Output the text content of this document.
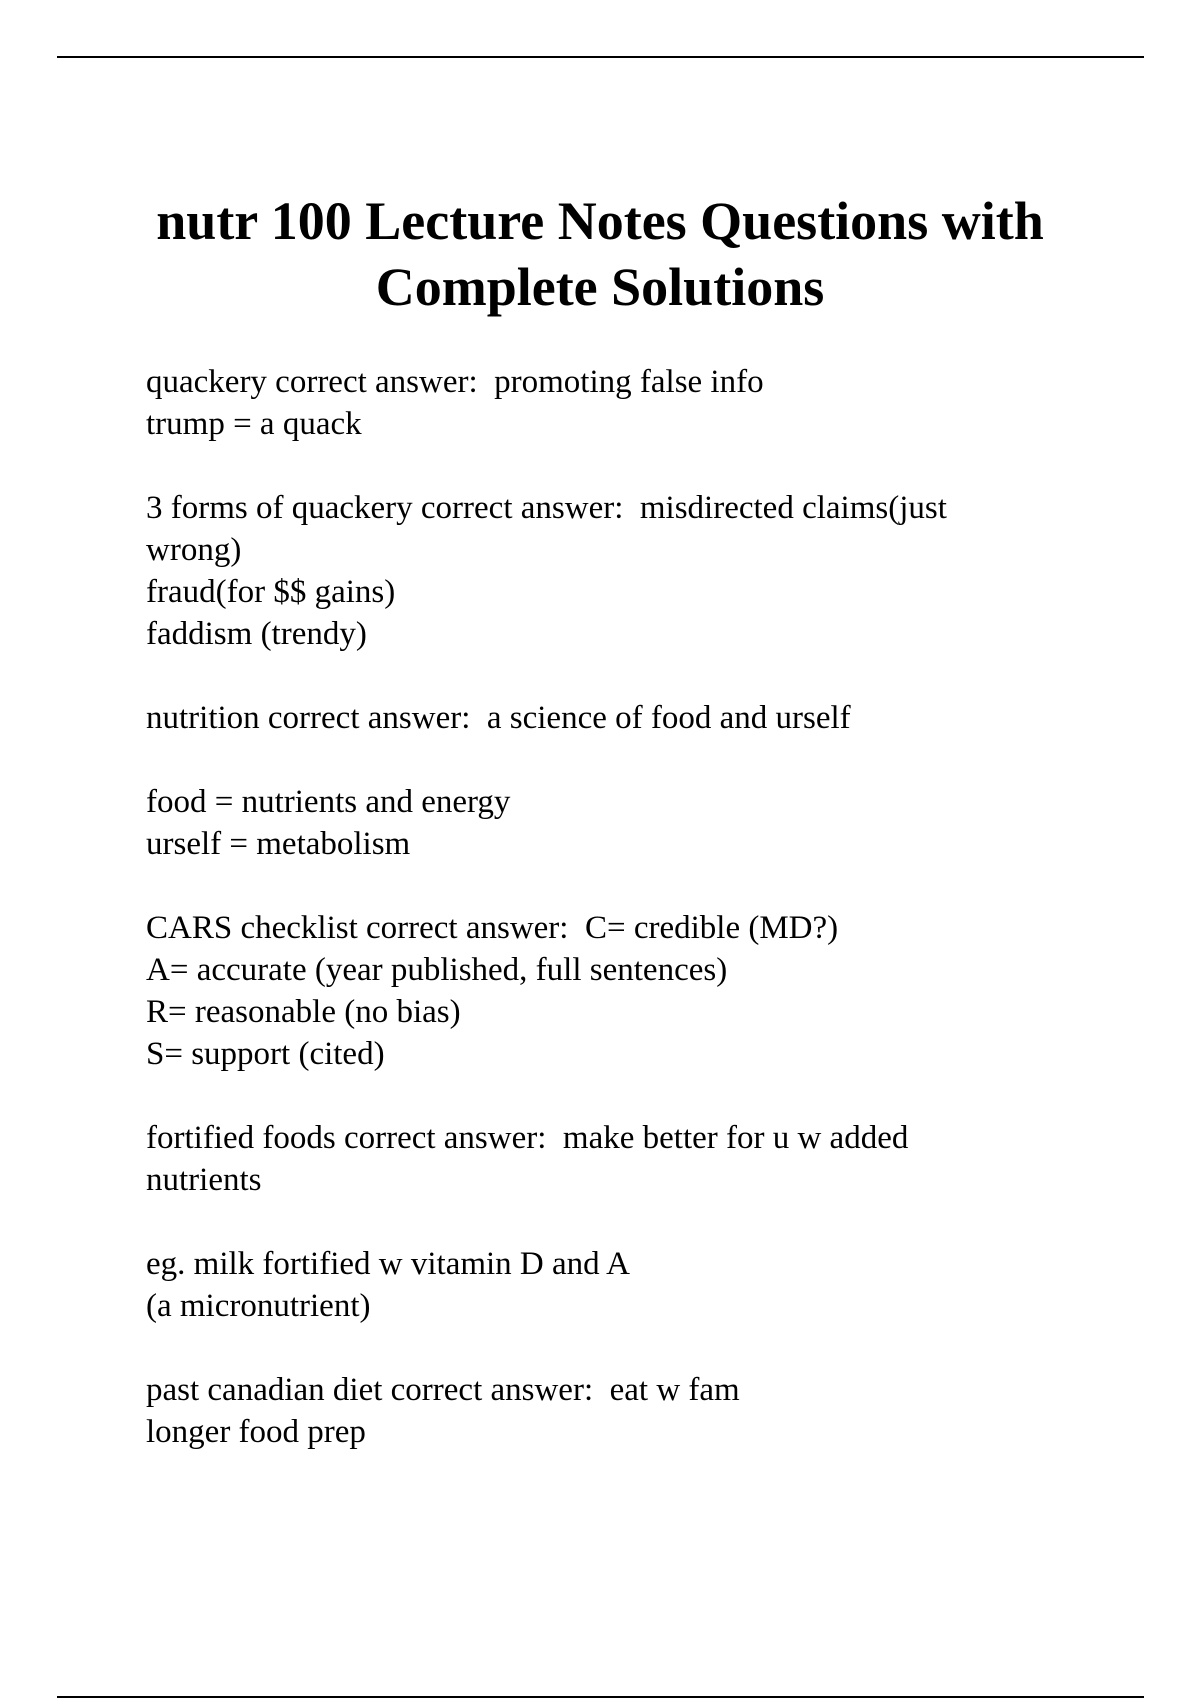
nutr 100 Lecture Notes Questions with
Complete Solutions

quackery correct answer:  promoting false info
trump = a quack

3 forms of quackery correct answer:  misdirected claims(just
wrong)
fraud(for $$ gains)
faddism (trendy)

nutrition correct answer:  a science of food and urself

food = nutrients and energy
urself = metabolism

CARS checklist correct answer:  C= credible (MD?)
A= accurate (year published, full sentences)
R= reasonable (no bias)
S= support (cited)

fortified foods correct answer:  make better for u w added
nutrients

eg. milk fortified w vitamin D and A
(a micronutrient)

past canadian diet correct answer:  eat w fam
longer food prep
